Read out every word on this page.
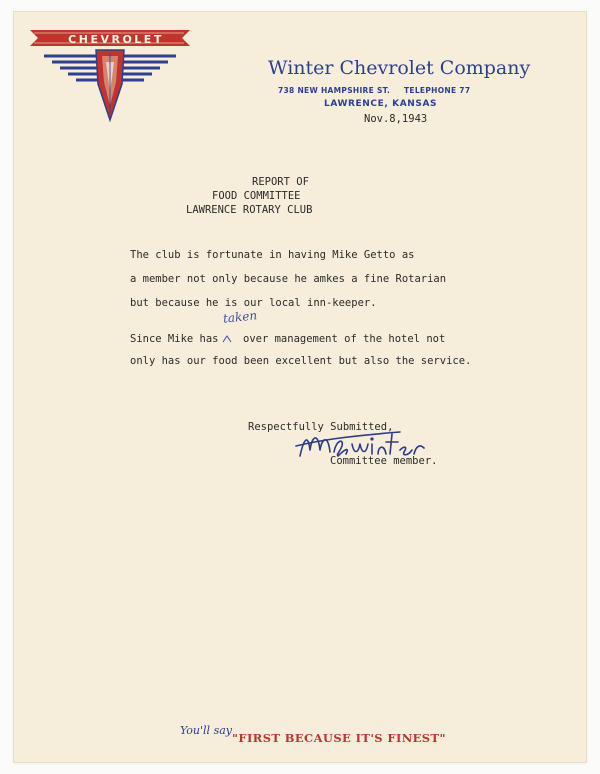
CHEVROLET
Winter Chevrolet Company
738 NEW HAMPSHIRE ST. TELEPHONE 77
LAWRENCE, KANSAS
Nov.8,1943
REPORT OF
FOOD COMMITTEE
LAWRENCE ROTARY CLUB
The club is fortunate in having Mike Getto as
a member not only because he amkes a fine Rotarian
but because he is our local inn-keeper.
Since Mike has over management of the hotel not
taken
only has our food been excellent but also the service.
Respectfully Submitted,
Committee member.
You'll say
"FIRST BECAUSE IT'S FINEST"
